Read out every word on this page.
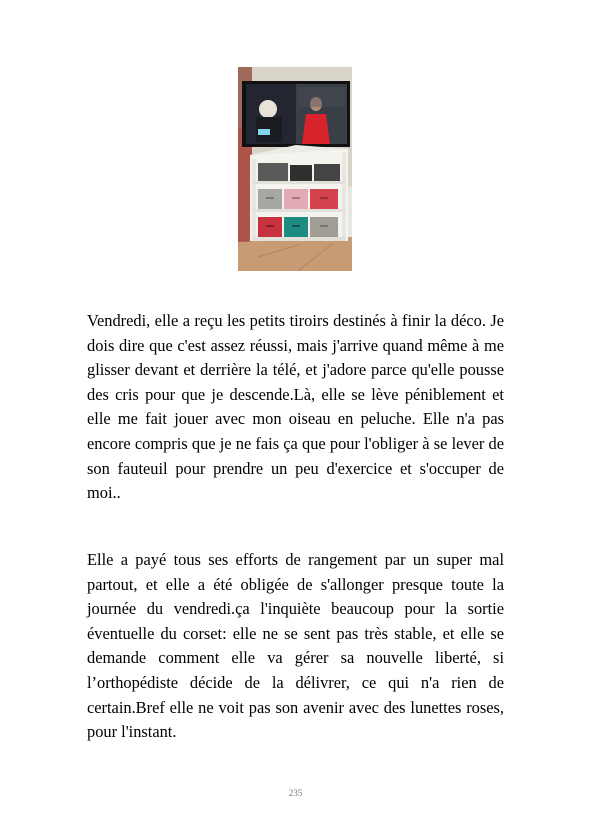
Vendredi, elle a reçu les petits tiroirs destinés à finir la déco. Je dois dire que c'est assez réussi, mais j'arrive quand même à me glisser devant et derrière la télé, et j'adore parce qu'elle pousse des cris pour que je descende.Là, elle se lève péniblement et elle me fait jouer avec mon oiseau en peluche. Elle n'a pas encore compris que je ne fais ça que pour l'obliger à se lever de son fauteuil pour prendre un peu d'exercice et s'occuper de moi..

Elle a payé tous ses efforts de rangement par un super mal partout, et elle a été obligée de s'allonger presque toute la journée du vendredi.ça l'inquiète beaucoup pour la sortie éventuelle du corset: elle ne se sent pas très stable, et elle se demande comment elle va gérer sa nouvelle liberté, si l’orthopédiste décide de la délivrer, ce qui n'a rien de certain.Bref elle ne voit pas son avenir avec des lunettes roses, pour l'instant.

235
